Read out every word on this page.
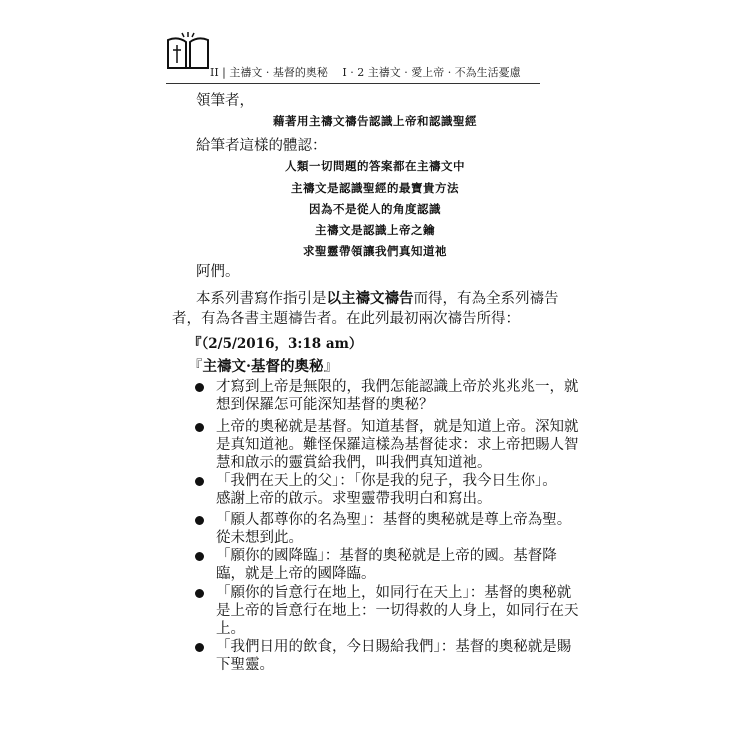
II | 主禱文 · 基督的奧秘　 I · 2 主禱文 · 愛上帝 · 不為生活憂慮
領筆者，
藉著用主禱文禱告認識上帝和認識聖經
給筆者這樣的體認：
人類一切問題的答案都在主禱文中
主禱文是認識聖經的最寶貴方法
因為不是從人的角度認識
主禱文是認識上帝之鑰
求聖靈帶領讓我們真知道祂
阿們。
本系列書寫作指引是以主禱文禱告而得，有為全系列禱告
者，有為各書主題禱告者。在此列最初兩次禱告所得：
『（2/5/2016，3:18 am）
『主禱文·基督的奧秘』
才寫到上帝是無限的，我們怎能認識上帝於兆兆兆一，就
想到保羅怎可能深知基督的奧秘？
上帝的奧秘就是基督。知道基督，就是知道上帝。深知就
是真知道祂。難怪保羅這樣為基督徒求：求上帝把賜人智
慧和啟示的靈賞給我們，叫我們真知道祂。
「我們在天上的父」：「你是我的兒子，我今日生你」。
感謝上帝的啟示。求聖靈帶我明白和寫出。
「願人都尊你的名為聖」：基督的奧秘就是尊上帝為聖。
從未想到此。
「願你的國降臨」：基督的奧秘就是上帝的國。基督降
臨，就是上帝的國降臨。
「願你的旨意行在地上，如同行在天上」：基督的奧秘就
是上帝的旨意行在地上：一切得救的人身上，如同行在天
上。
「我們日用的飲食，今日賜給我們」：基督的奧秘就是賜
下聖靈。
